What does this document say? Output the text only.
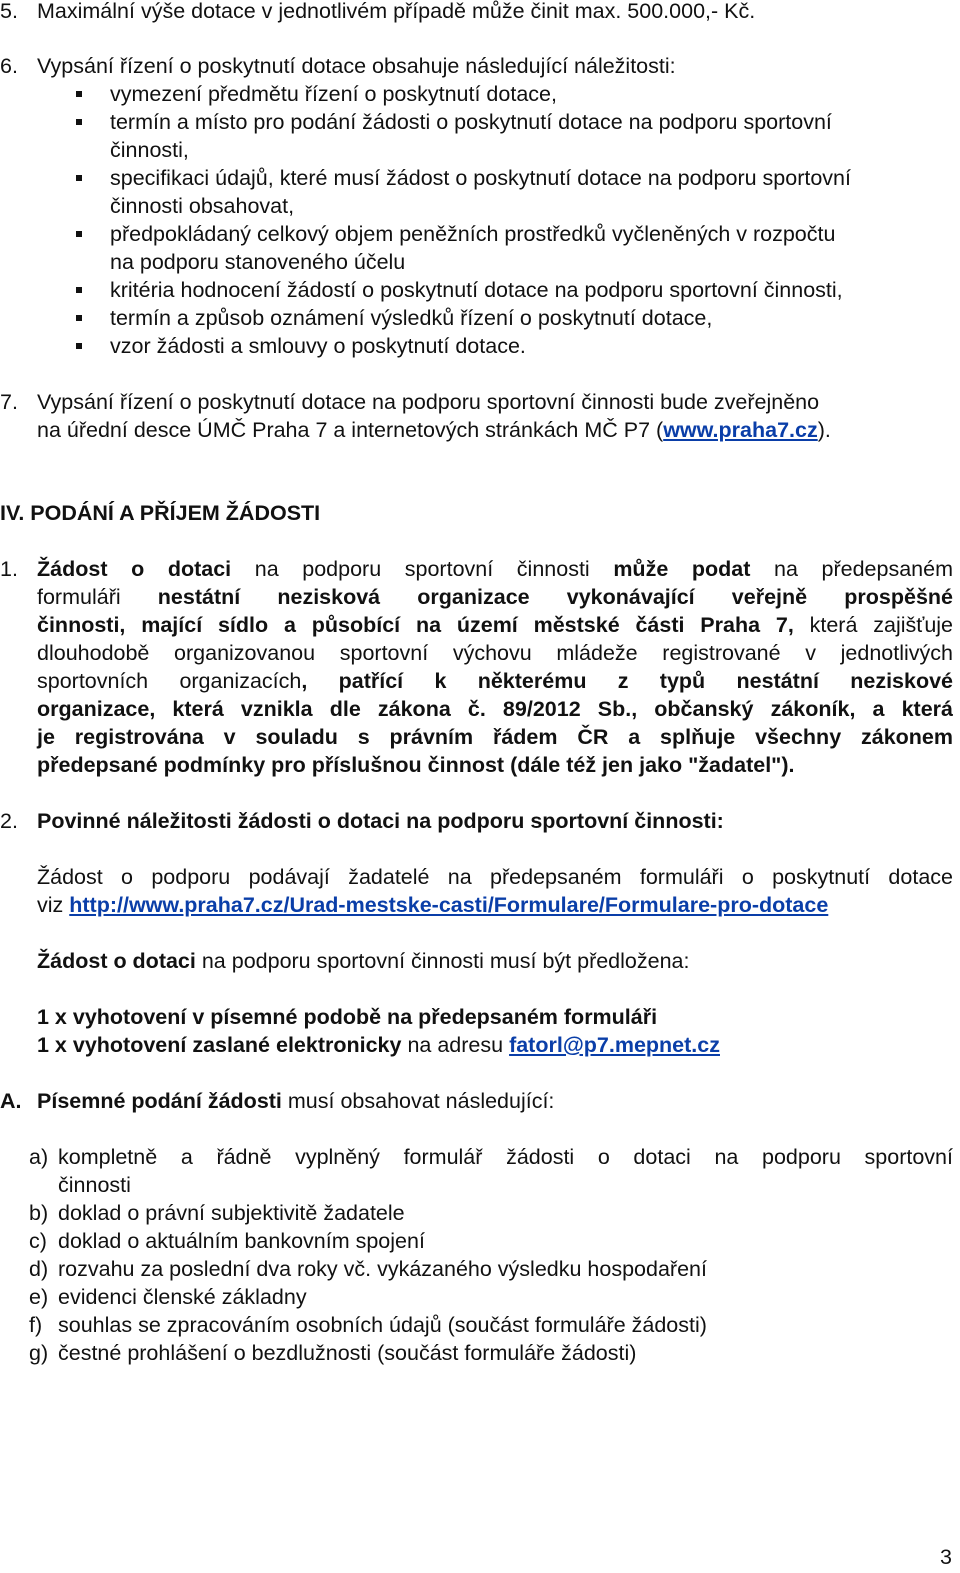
5. Maximální výše dotace v jednotlivém případě může činit max. 500.000,- Kč.
6. Vypsání řízení o poskytnutí dotace obsahuje následující náležitosti:
vymezení předmětu řízení o poskytnutí dotace,
termín a místo pro podání žádosti o poskytnutí dotace na podporu sportovní
činnosti,
specifikaci údajů, které musí žádost o poskytnutí dotace na podporu sportovní
činnosti obsahovat,
předpokládaný celkový objem peněžních prostředků vyčleněných v rozpočtu
na podporu stanoveného účelu
kritéria hodnocení žádostí o poskytnutí dotace na podporu sportovní činnosti,
termín a způsob oznámení výsledků řízení o poskytnutí dotace,
vzor žádosti a smlouvy o poskytnutí dotace.
7. Vypsání řízení o poskytnutí dotace na podporu sportovní činnosti bude zveřejněno
na úřední desce ÚMČ Praha 7 a internetových stránkách MČ P7 (www.praha7.cz).
IV. PODÁNÍ A PŘÍJEM ŽÁDOSTI
1. Žádost o dotaci na podporu sportovní činnosti může podat na předepsaném
formuláři nestátní nezisková organizace vykonávající veřejně prospěšné
činnosti, mající sídlo a působící na území městské části Praha 7, která zajišťuje
dlouhodobě organizovanou sportovní výchovu mládeže registrované v jednotlivých
sportovních organizacích, patřící k některému z typů nestátní neziskové
organizace, která vznikla dle zákona č. 89/2012 Sb., občanský zákoník, a která
je registrována v souladu s právním řádem ČR a splňuje všechny zákonem
předepsané podmínky pro příslušnou činnost (dále též jen jako "žadatel").
2. Povinné náležitosti žádosti o dotaci na podporu sportovní činnosti:
Žádost o podporu podávají žadatelé na předepsaném formuláři o poskytnutí dotace
viz http://www.praha7.cz/Urad-mestske-casti/Formulare/Formulare-pro-dotace
Žádost o dotaci na podporu sportovní činnosti musí být předložena:
1 x vyhotovení v písemné podobě na předepsaném formuláři
1 x vyhotovení zaslané elektronicky na adresu fatorl@p7.mepnet.cz
A. Písemné podání žádosti musí obsahovat následující:
a) kompletně a řádně vyplněný formulář žádosti o dotaci na podporu sportovní
činnosti
b) doklad o právní subjektivitě žadatele
c) doklad o aktuálním bankovním spojení
d) rozvahu za poslední dva roky vč. vykázaného výsledku hospodaření
e) evidenci členské základny
f) souhlas se zpracováním osobních údajů (součást formuláře žádosti)
g) čestné prohlášení o bezdlužnosti (součást formuláře žádosti)
3
